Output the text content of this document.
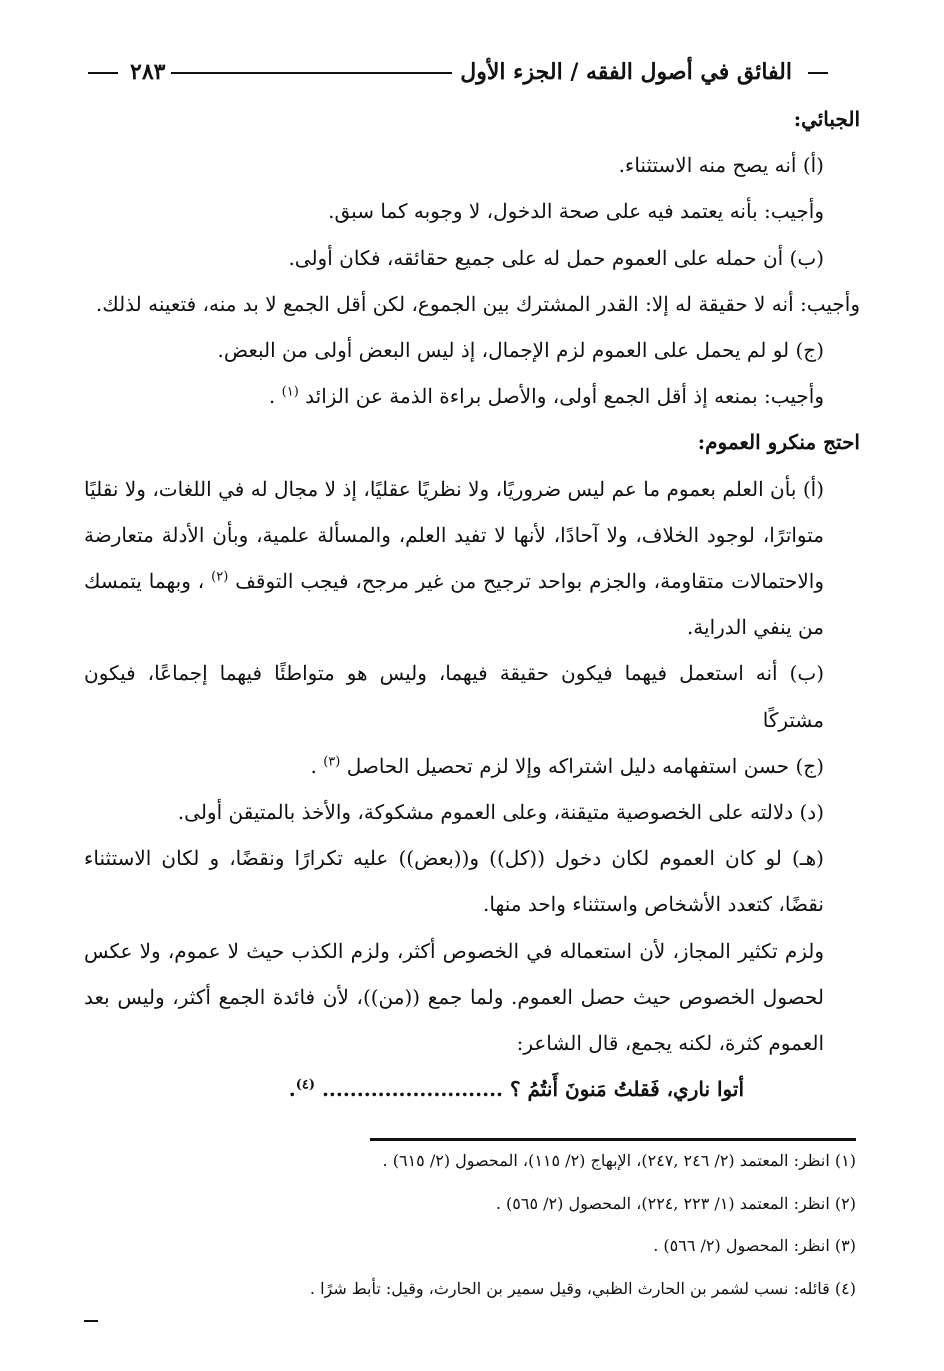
الفائق في أصول الفقه / الجزء الأول
٢٨٣

الجبائي:

(أ) أنه يصح منه الاستثناء.

وأجيب: بأنه يعتمد فيه على صحة الدخول، لا وجوبه كما سبق.

(ب) أن حمله على العموم حمل له على جميع حقائقه، فكان أولى.

وأجيب: أنه لا حقيقة له إلا: القدر المشترك بين الجموع، لكن أقل الجمع لا بد منه، فتعينه لذلك.

(ج) لو لم يحمل على العموم لزم الإجمال، إذ ليس البعض أولى من البعض.

وأجيب: بمنعه إذ أقل الجمع أولى، والأصل براءة الذمة عن الزائد $^{(١)}$ .

احتج منكرو العموم:

(أ) بأن العلم بعموم ما عم ليس ضروريًا، ولا نظريًا عقليًا، إذ لا مجال له في اللغات، ولا نقليًا متواترًا، لوجود الخلاف، ولا آحادًا، لأنها لا تفيد العلم، والمسألة علمية، وبأن الأدلة متعارضة والاحتمالات متقاومة، والجزم بواحد ترجيح من غير مرجح، فيجب التوقف $^{(٢)}$ ، وبهما يتمسك من ينفي الدراية.

(ب) أنه استعمل فيهما فيكون حقيقة فيهما، وليس هو متواطئًا فيهما إجماعًا، فيكون مشتركًا

(ج) حسن استفهامه دليل اشتراكه وإلا لزم تحصيل الحاصل $^{(٣)}$ .

(د) دلالته على الخصوصية متيقنة، وعلى العموم مشكوكة، والأخذ بالمتيقن أولى.

(هـ) لو كان العموم لكان دخول ((كل)) و((بعض)) عليه تكرارًا ونقضًا، و لكان الاستثناء نقضًا، كتعدد الأشخاص واستثناء واحد منها.

ولزم تكثير المجاز، لأن استعماله في الخصوص أكثر، ولزم الكذب حيث لا عموم، ولا عكس لحصول الخصوص حيث حصل العموم. ولما جمع ((من))، لأن فائدة الجمع أكثر، وليس بعد العموم كثرة، لكنه يجمع، قال الشاعر:

أتوا ناري، فَقلتُ مَنونَ أَنتُمُ ؟ .......................... $^{(٤)}$.

(١) انظر: المعتمد (٢/ ٢٤٦ ,٢٤٧)، الإبهاج (٢/ ١١٥)، المحصول (٢/ ٦١٥) .

(٢) انظر: المعتمد (١/ ٢٢٣ ,٢٢٤)، المحصول (٢/ ٥٦٥) .

(٣) انظر: المحصول (٢/ ٥٦٦) .

(٤) قائله: نسب لشمر بن الحارث الظبي، وقيل سمير بن الحارث، وقيل: تأبط شرًا .
